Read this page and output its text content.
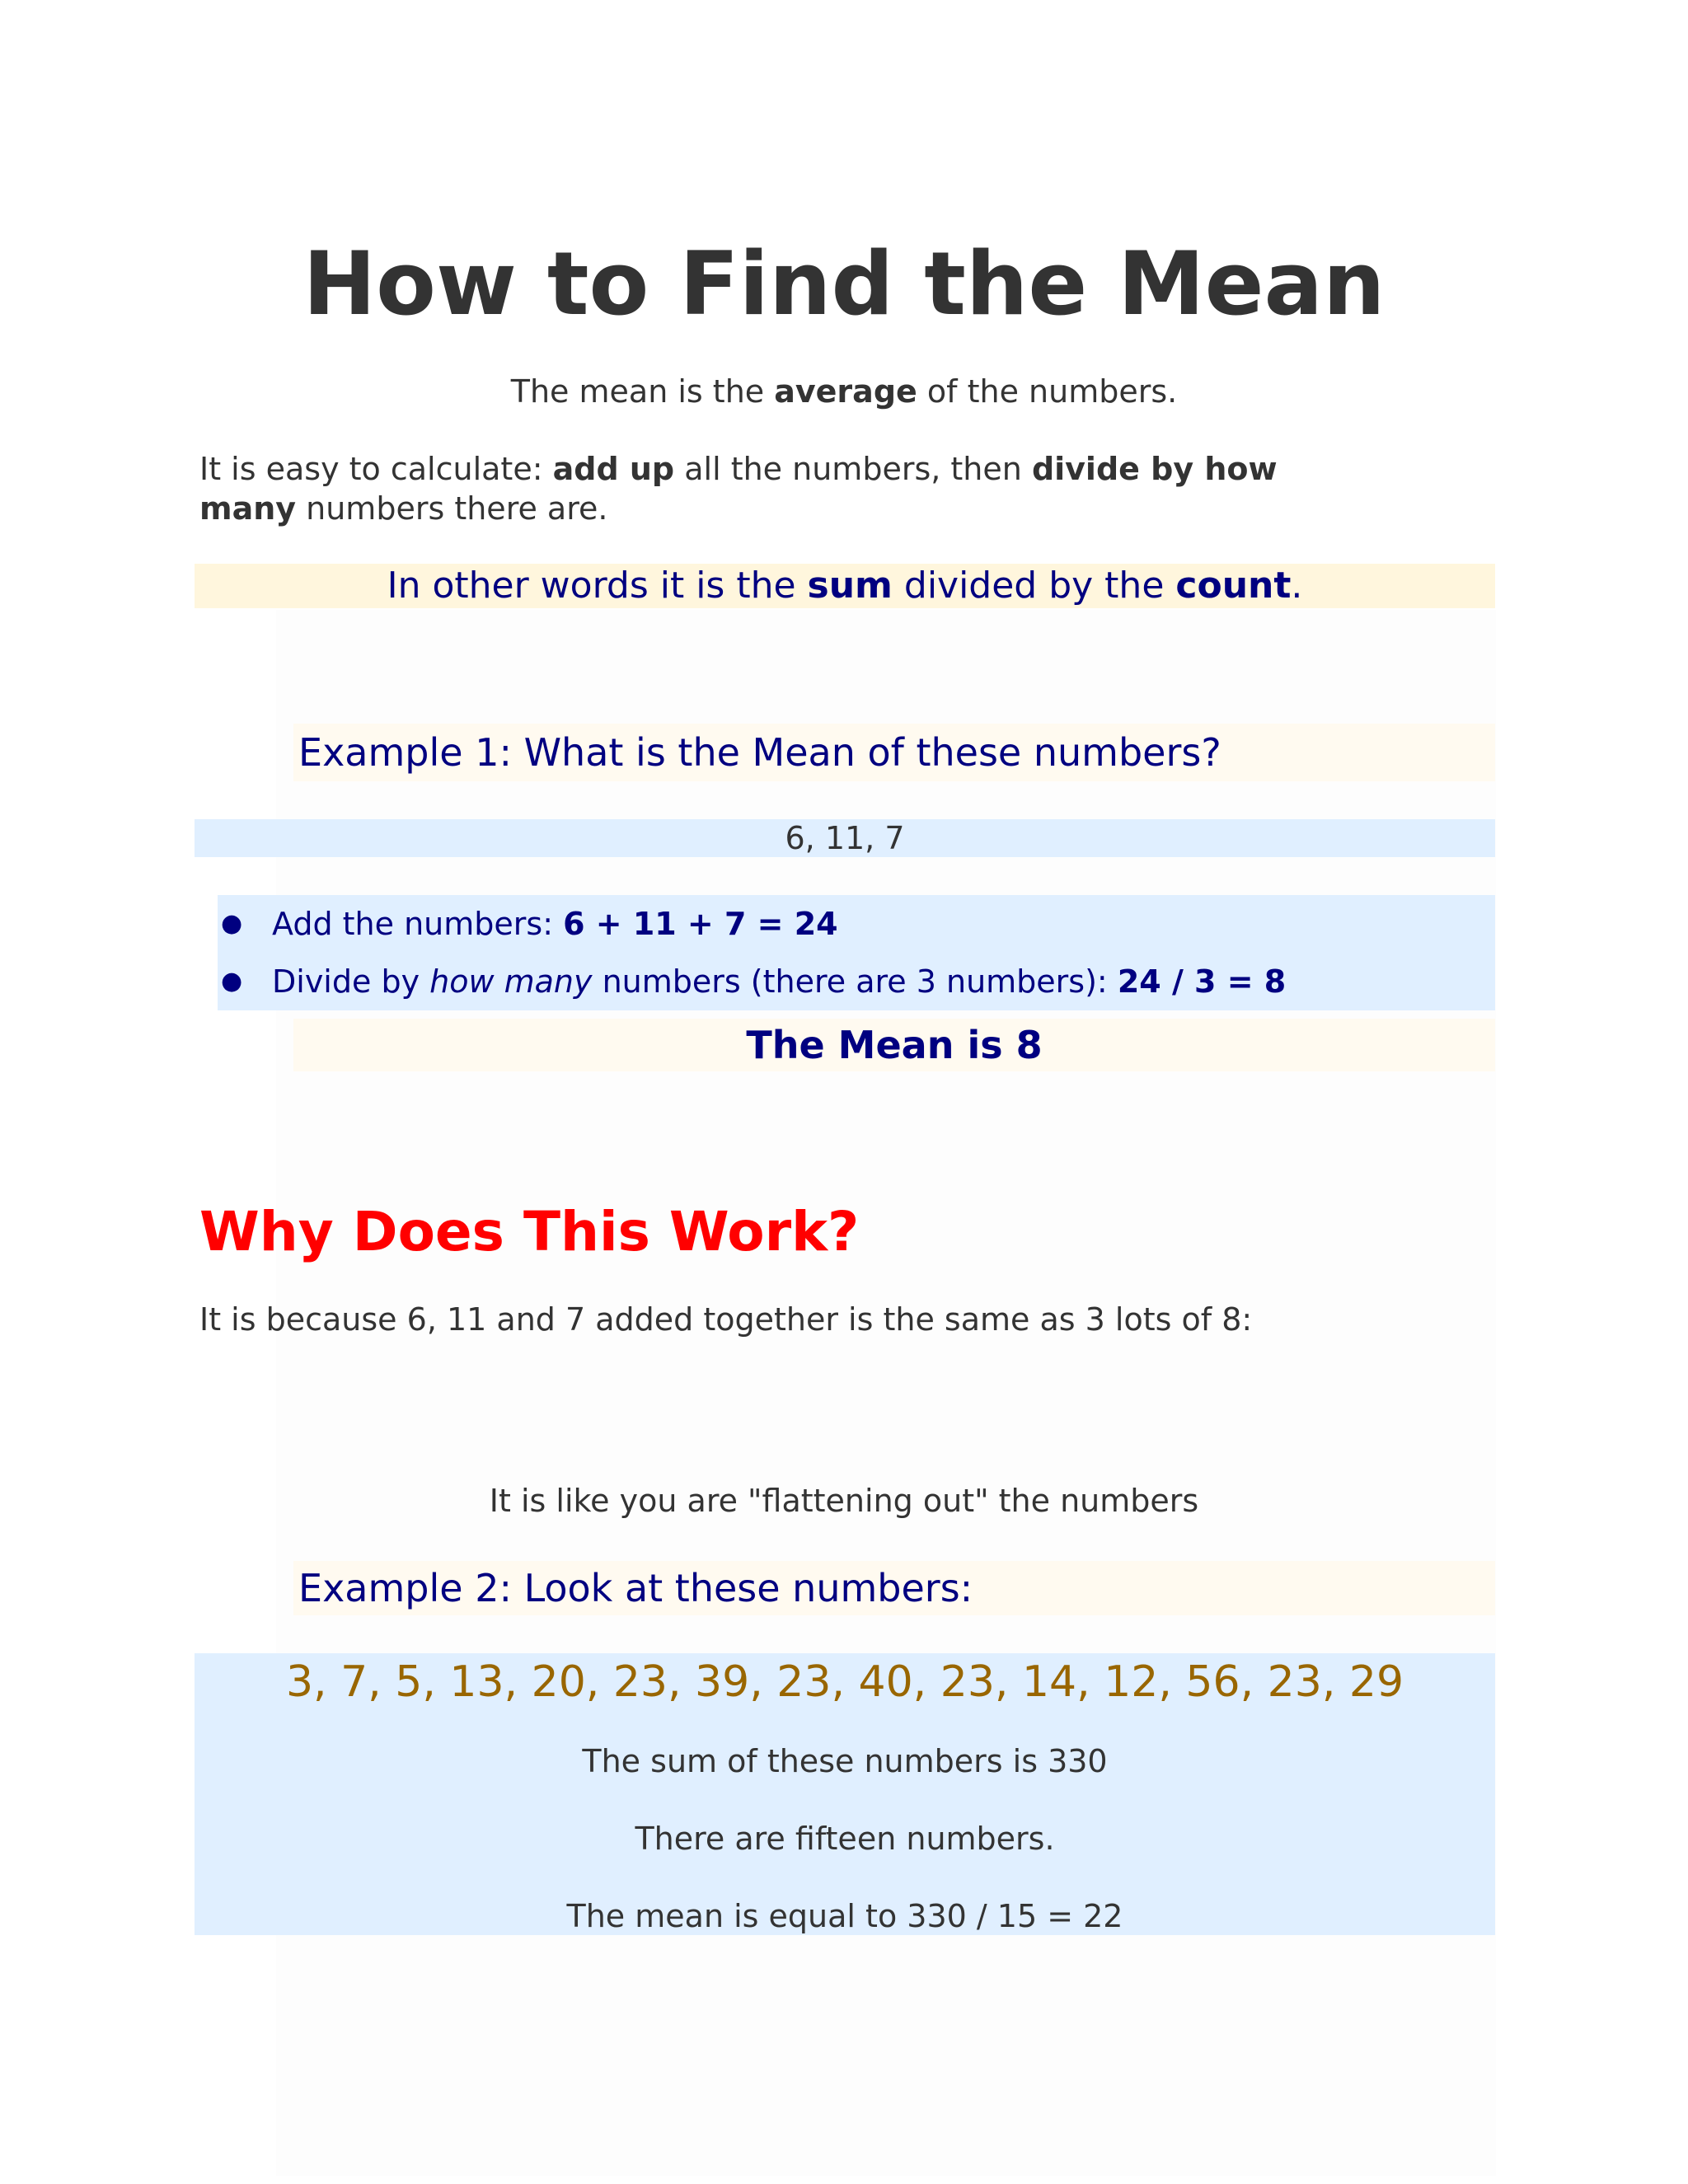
How to Find the Mean
The mean is the average of the numbers.
It is easy to calculate: add up all the numbers, then divide by how many numbers there are.
In other words it is the sum divided by the count.
Example 1: What is the Mean of these numbers?
6, 11, 7
● Add the numbers: 6 + 11 + 7 = 24
● Divide by how many numbers (there are 3 numbers): 24 / 3 = 8
The Mean is 8
Why Does This Work?
It is because 6, 11 and 7 added together is the same as 3 lots of 8:
It is like you are "flattening out" the numbers
Example 2: Look at these numbers:
3, 7, 5, 13, 20, 23, 39, 23, 40, 23, 14, 12, 56, 23, 29
The sum of these numbers is 330
There are fifteen numbers.
The mean is equal to 330 / 15 = 22
